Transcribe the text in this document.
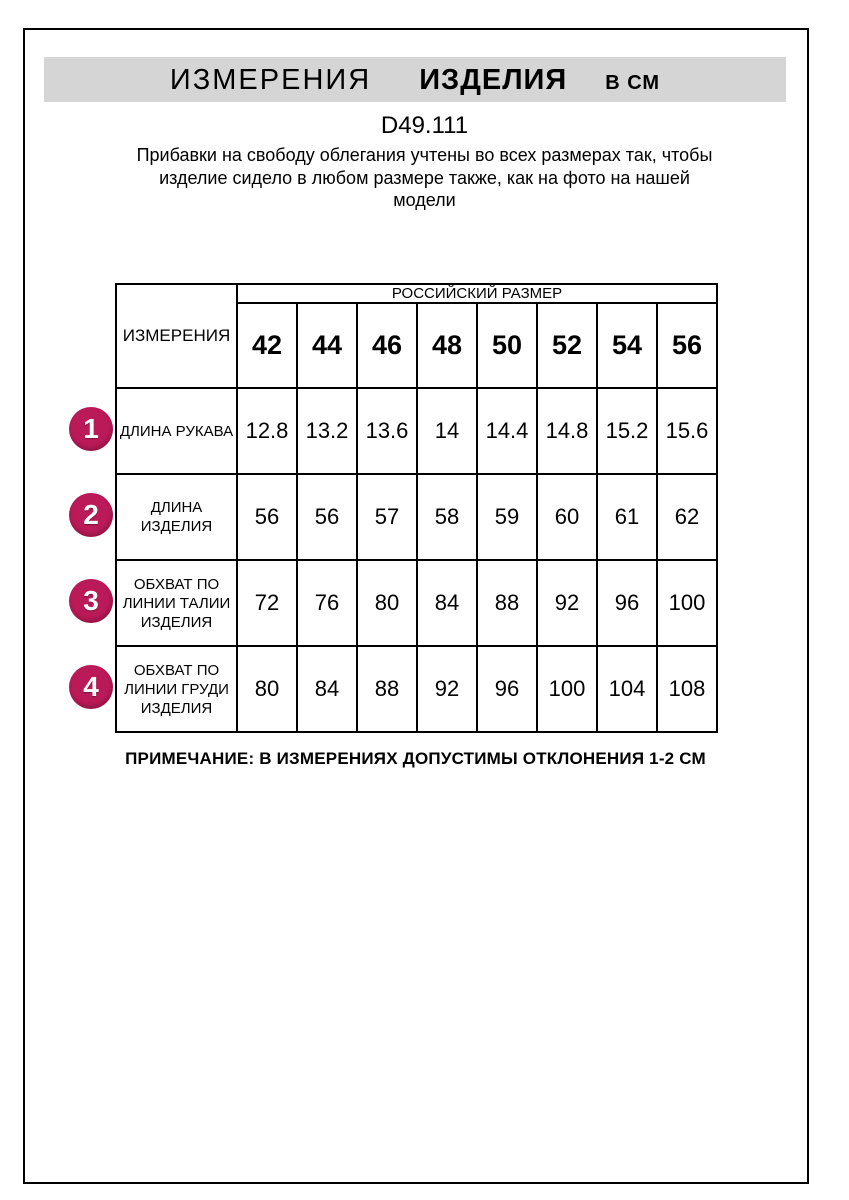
ИЗМЕРЕНИЯ ИЗДЕЛИЯ В СМ
D49.111
Прибавки на свободу облегания учтены во всех размерах так, чтобы
изделие сидело в любом размере также, как на фото на нашей
модели
ИЗМЕРЕНИЯ	РОССИЙСКИЙ РАЗМЕР							
	42	44	46	48	50	52	54	56

ДЛИНА РУКАВА	12.8	13.2	13.6	14	14.4	14.8	15.2	15.6

ДЛИНА
ИЗДЕЛИЯ	56	56	57	58	59	60	61	62

ОБХВАТ ПО
ЛИНИИ ТАЛИИ
ИЗДЕЛИЯ	72	76	80	84	88	92	96	100

ОБХВАТ ПО
ЛИНИИ ГРУДИ
ИЗДЕЛИЯ	80	84	88	92	96	100	104	108
1
2
3
4
ПРИМЕЧАНИЕ: В ИЗМЕРЕНИЯХ ДОПУСТИМЫ ОТКЛОНЕНИЯ 1-2 СМ
